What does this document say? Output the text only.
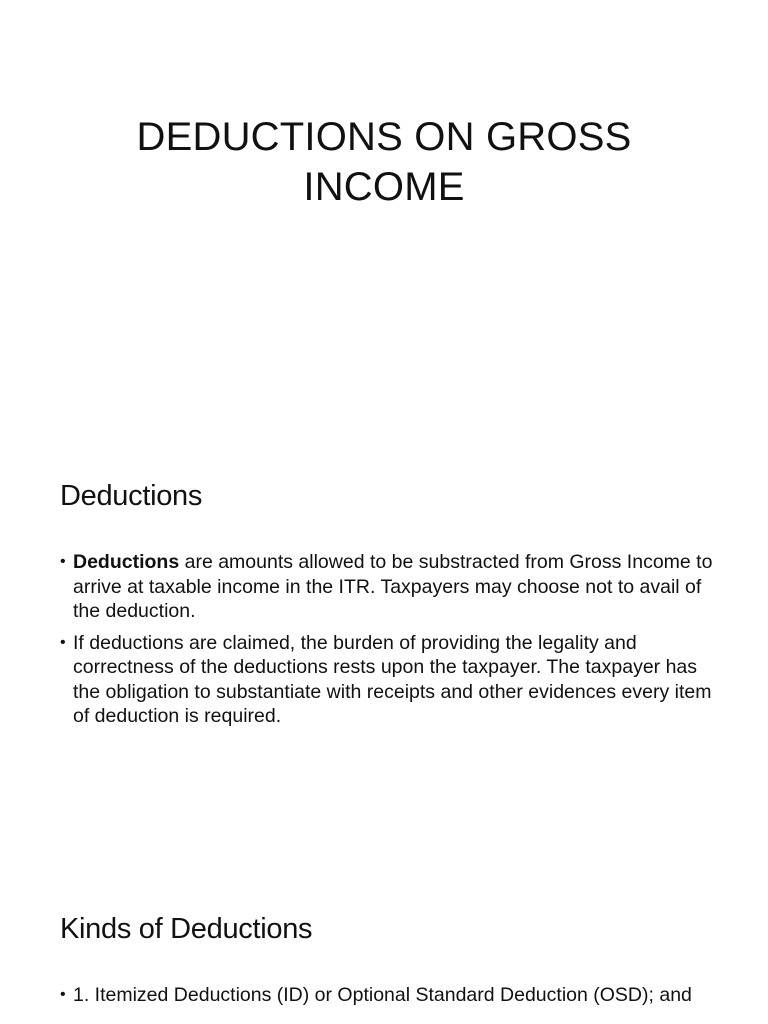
DEDUCTIONS ON GROSS
INCOME
Deductions
• Deductions are amounts allowed to be substracted from Gross Income to arrive at taxable income in the ITR. Taxpayers may choose not to avail of the deduction.
• If deductions are claimed, the burden of providing the legality and correctness of the deductions rests upon the taxpayer. The taxpayer has the obligation to substantiate with receipts and other evidences every item of deduction is required.
Kinds of Deductions
• 1. Itemized Deductions (ID) or Optional Standard Deduction (OSD); and
